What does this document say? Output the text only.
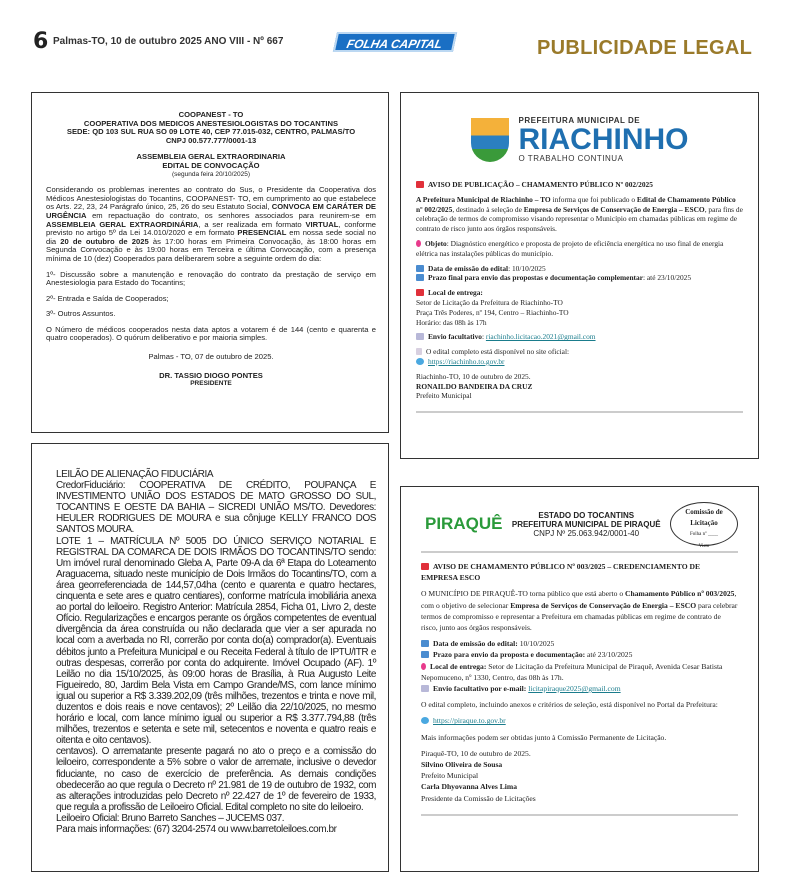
6 Palmas-TO, 10 de outubro 2025 ANO VIII - Nº 667	FOLHA CAPITAL	PUBLICIDADE LEGAL
COOPANEST - TO
COOPERATIVA DOS MEDICOS ANESTESIOLOGISTAS DO TOCANTINS
SEDE: QD 103 SUL RUA SO 09 LOTE 40, CEP 77.015-032, CENTRO, PALMAS/TO
CNPJ 00.577.777/0001-13
ASSEMBLEIA GERAL EXTRAORDINARIA
EDITAL DE CONVOCAÇÃO
(segunda feira 20/10/2025)

Considerando os problemas inerentes ao contrato do Sus, o Presidente da Cooperativa dos Médicos Anestesiologistas do Tocantins, COOPANEST- TO, em cumprimento ao que estabelece os Arts. 22, 23, 24 Parágrafo único, 25, 26 do seu Estatuto Social, CONVOCA EM CARÁTER DE URGÊNCIA em repactuação do contrato, os senhores associados para reunirem-se em ASSEMBLEIA GERAL EXTRAORDINÁRIA, a ser realizada em formato VIRTUAL, conforme previsto no artigo 5º da Lei 14.010/2020 e em formato PRESENCIAL em nossa sede social no dia 20 de outubro de 2025 às 17:00 horas em Primeira Convocação, às 18:00 horas em Segunda Convocação e às 19:00 horas em Terceira e última Convocação, com a presença mínima de 10 (dez) Cooperados para deliberarem sobre a seguinte ordem do dia:

1º- Discussão sobre a manutenção e renovação do contrato da prestação de serviço em Anestesiologia para Estado do Tocantins;

2º- Entrada e Saída de Cooperados;

3º- Outros Assuntos.

O Número de médicos cooperados nesta data aptos a votarem é de 144 (cento e quarenta e quatro cooperados). O quórum deliberativo e por maioria simples.

Palmas - TO, 07 de outubro de 2025.
DR. TASSIO DIOGO PONTES
PRESIDENTE
PREFEITURA MUNICIPAL DE
RIACHINHO
O TRABALHO CONTINUA

AVISO DE PUBLICAÇÃO – CHAMAMENTO PÚBLICO Nº 002/2025

A Prefeitura Municipal de Riachinho – TO informa que foi publicado o Edital de Chamamento Público nº 002/2025, destinado à seleção de Empresa de Serviços de Conservação de Energia – ESCO, para fins de celebração de termos de compromisso visando representar o Município em chamadas públicas em regime de contrato de risco junto aos órgãos responsáveis.

Objeto: Diagnóstico energético e proposta de projeto de eficiência energética no uso final de energia elétrica nas instalações públicas do município.

Data de emissão do edital: 10/10/2025
Prazo final para envio das propostas e documentação complementar: até 23/10/2025

Local de entrega:
Setor de Licitação da Prefeitura de Riachinho-TO
Praça Três Poderes, nº 194, Centro – Riachinho-TO
Horário: das 08h às 17h

Envio facultativo: riachinho.licitacao.2021@gmail.com

O edital completo está disponível no site oficial:
https://riachinho.to.gov.br

Riachinho-TO, 10 de outubro de 2025.
RONAILDO BANDEIRA DA CRUZ
Prefeito Municipal

LEILÃO DE ALIENAÇÃO FIDUCIÁRIA

CredorFiduciário: COOPERATIVA DE CRÉDITO, POUPANÇA E INVESTIMENTO UNIÃO DOS ESTADOS DE MATO GROSSO DO SUL, TOCANTINS E OESTE DA BAHIA – SICREDI UNIÃO MS/TO. Devedores: HEULER RODRIGUES DE MOURA e sua cônjuge KELLY FRANCO DOS SANTOS MOURA.

LOTE 1 – MATRÍCULA Nº 5005 DO ÚNICO SERVIÇO NOTARIAL E REGISTRAL DA COMARCA DE DOIS IRMÃOS DO TOCANTINS/TO sendo: Um imóvel rural denominado Gleba A, Parte 09-A da 6ª Etapa do Loteamento Araguacema, situado neste município de Dois Irmãos do Tocantins/TO, com a área georreferenciada de 144,57,04ha (cento e quarenta e quatro hectares, cinquenta e sete ares e quatro centiares), conforme matrícula imobiliária anexa ao portal do leiloeiro. Registro Anterior: Matrícula 2854, Ficha 01, Livro 2, deste Ofício. Regularizações e encargos perante os órgãos competentes de eventual divergência da área construída ou não declarada que vier a ser apurada no local com a averbada no RI, correrão por conta do(a) comprador(a). Eventuais débitos junto a Prefeitura Municipal e ou Receita Federal à título de IPTU/ITR e outras despesas, correrão por conta do adquirente. Imóvel Ocupado (AF). 1º Leilão no dia 15/10/2025, às 09:00 horas de Brasília, à Rua Augusto Leite Figueiredo, 80, Jardim Bela Vista em Campo Grande/MS, com lance mínimo igual ou superior a R$ 3.339.202,09 (três milhões, trezentos e trinta e nove mil, duzentos e dois reais e nove centavos); 2º Leilão dia 22/10/2025, no mesmo horário e local, com lance mínimo igual ou superior a R$ 3.377.794,88 (três milhões, trezentos e setenta e sete mil, setecentos e noventa e quatro reais e oitenta e oito centavos).

centavos). O arrematante presente pagará no ato o preço e a comissão do leiloeiro, correspondente a 5% sobre o valor de arremate, inclusive o devedor fiduciante, no caso de exercício de preferência. As demais condições obedecerão ao que regula o Decreto nº 21.981 de 19 de outubro de 1932, com as alterações introduzidas pelo Decreto nº 22.427 de 1º de fevereiro de 1933, que regula a profissão de Leiloeiro Oficial. Edital completo no site do leiloeiro.

Leiloeiro Oficial: Bruno Barreto Sanches – JUCEMS 037.

Para mais informações: (67) 3204-2574 ou www.barretoleiloes.com.br

PIRAQUÊ	ESTADO DO TOCANTINS
PREFEITURA MUNICIPAL DE PIRAQUÊ
CNPJ Nº 25.063.942/0001-40
Comissão de Licitação
Folha nº ____
Visto

AVISO DE CHAMAMENTO PÚBLICO Nº 003/2025 – CREDENCIAMENTO DE EMPRESA ESCO

O MUNICÍPIO DE PIRAQUÊ-TO torna público que está aberto o Chamamento Público nº 003/2025, com o objetivo de selecionar Empresa de Serviços de Conservação de Energia – ESCO para celebrar termos de compromisso e representar a Prefeitura em chamadas públicas em regime de contrato de risco, junto aos órgãos responsáveis.

Data de emissão do edital: 10/10/2025
Prazo para envio da proposta e documentação: até 23/10/2025
Local de entrega: Setor de Licitação da Prefeitura Municipal de Piraquê, Avenida Cesar Batista Nepomuceno, nº 1330, Centro, das 08h às 17h.
Envio facultativo por e-mail: licitapiraque2025@gmail.com

O edital completo, incluindo anexos e critérios de seleção, está disponível no Portal da Prefeitura:

https://piraque.to.gov.br

Mais informações podem ser obtidas junto à Comissão Permanente de Licitação.

Piraquê-TO, 10 de outubro de 2025.
Silvino Oliveira de Sousa
Prefeito Municipal
Carla Dhyovanna Alves Lima
Presidente da Comissão de Licitações
